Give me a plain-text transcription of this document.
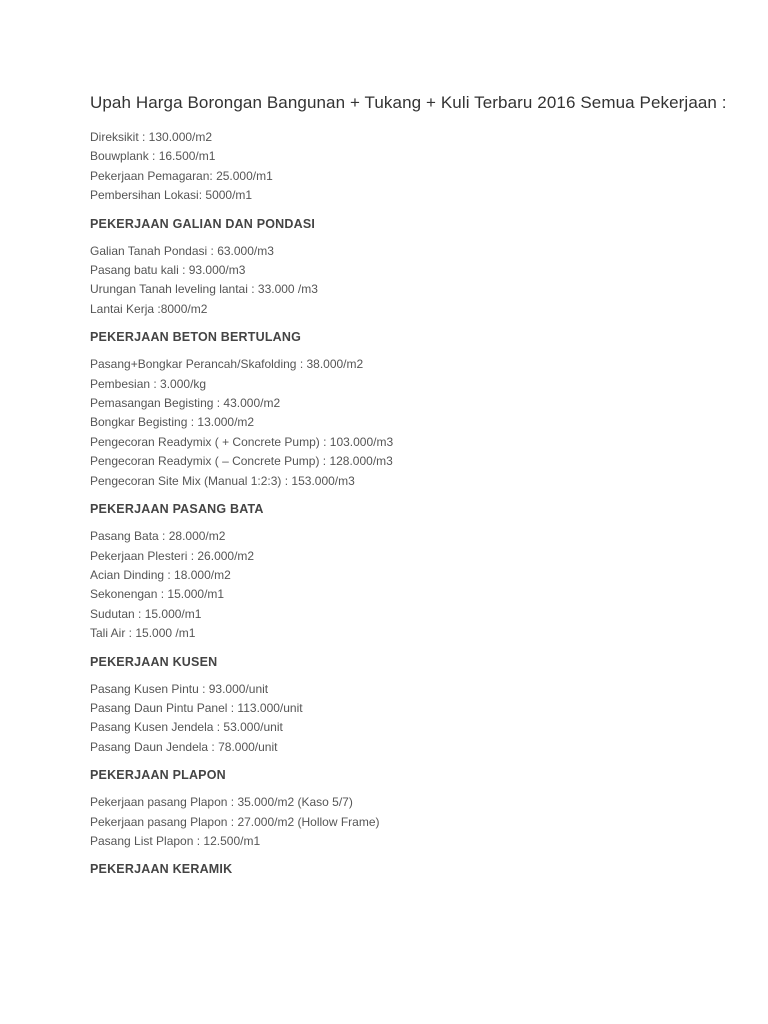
Upah Harga Borongan Bangunan + Tukang + Kuli Terbaru 2016 Semua Pekerjaan :
Direksikit : 130.000/m2
Bouwplank : 16.500/m1
Pekerjaan Pemagaran: 25.000/m1
Pembersihan Lokasi: 5000/m1
PEKERJAAN GALIAN DAN PONDASI
Galian Tanah Pondasi : 63.000/m3
Pasang batu kali : 93.000/m3
Urungan Tanah leveling lantai : 33.000 /m3
Lantai Kerja :8000/m2
PEKERJAAN BETON BERTULANG
Pasang+Bongkar Perancah/Skafolding : 38.000/m2
Pembesian : 3.000/kg
Pemasangan Begisting : 43.000/m2
Bongkar Begisting : 13.000/m2
Pengecoran Readymix ( + Concrete Pump) : 103.000/m3
Pengecoran Readymix ( – Concrete Pump) : 128.000/m3
Pengecoran Site Mix (Manual 1:2:3) : 153.000/m3
PEKERJAAN PASANG BATA
Pasang Bata : 28.000/m2
Pekerjaan Plesteri : 26.000/m2
Acian Dinding : 18.000/m2
Sekonengan : 15.000/m1
Sudutan : 15.000/m1
Tali Air : 15.000 /m1
PEKERJAAN KUSEN
Pasang Kusen Pintu : 93.000/unit
Pasang Daun Pintu Panel : 113.000/unit
Pasang Kusen Jendela : 53.000/unit
Pasang Daun Jendela : 78.000/unit
PEKERJAAN PLAPON
Pekerjaan pasang Plapon : 35.000/m2 (Kaso 5/7)
Pekerjaan pasang Plapon : 27.000/m2 (Hollow Frame)
Pasang List Plapon : 12.500/m1
PEKERJAAN KERAMIK
